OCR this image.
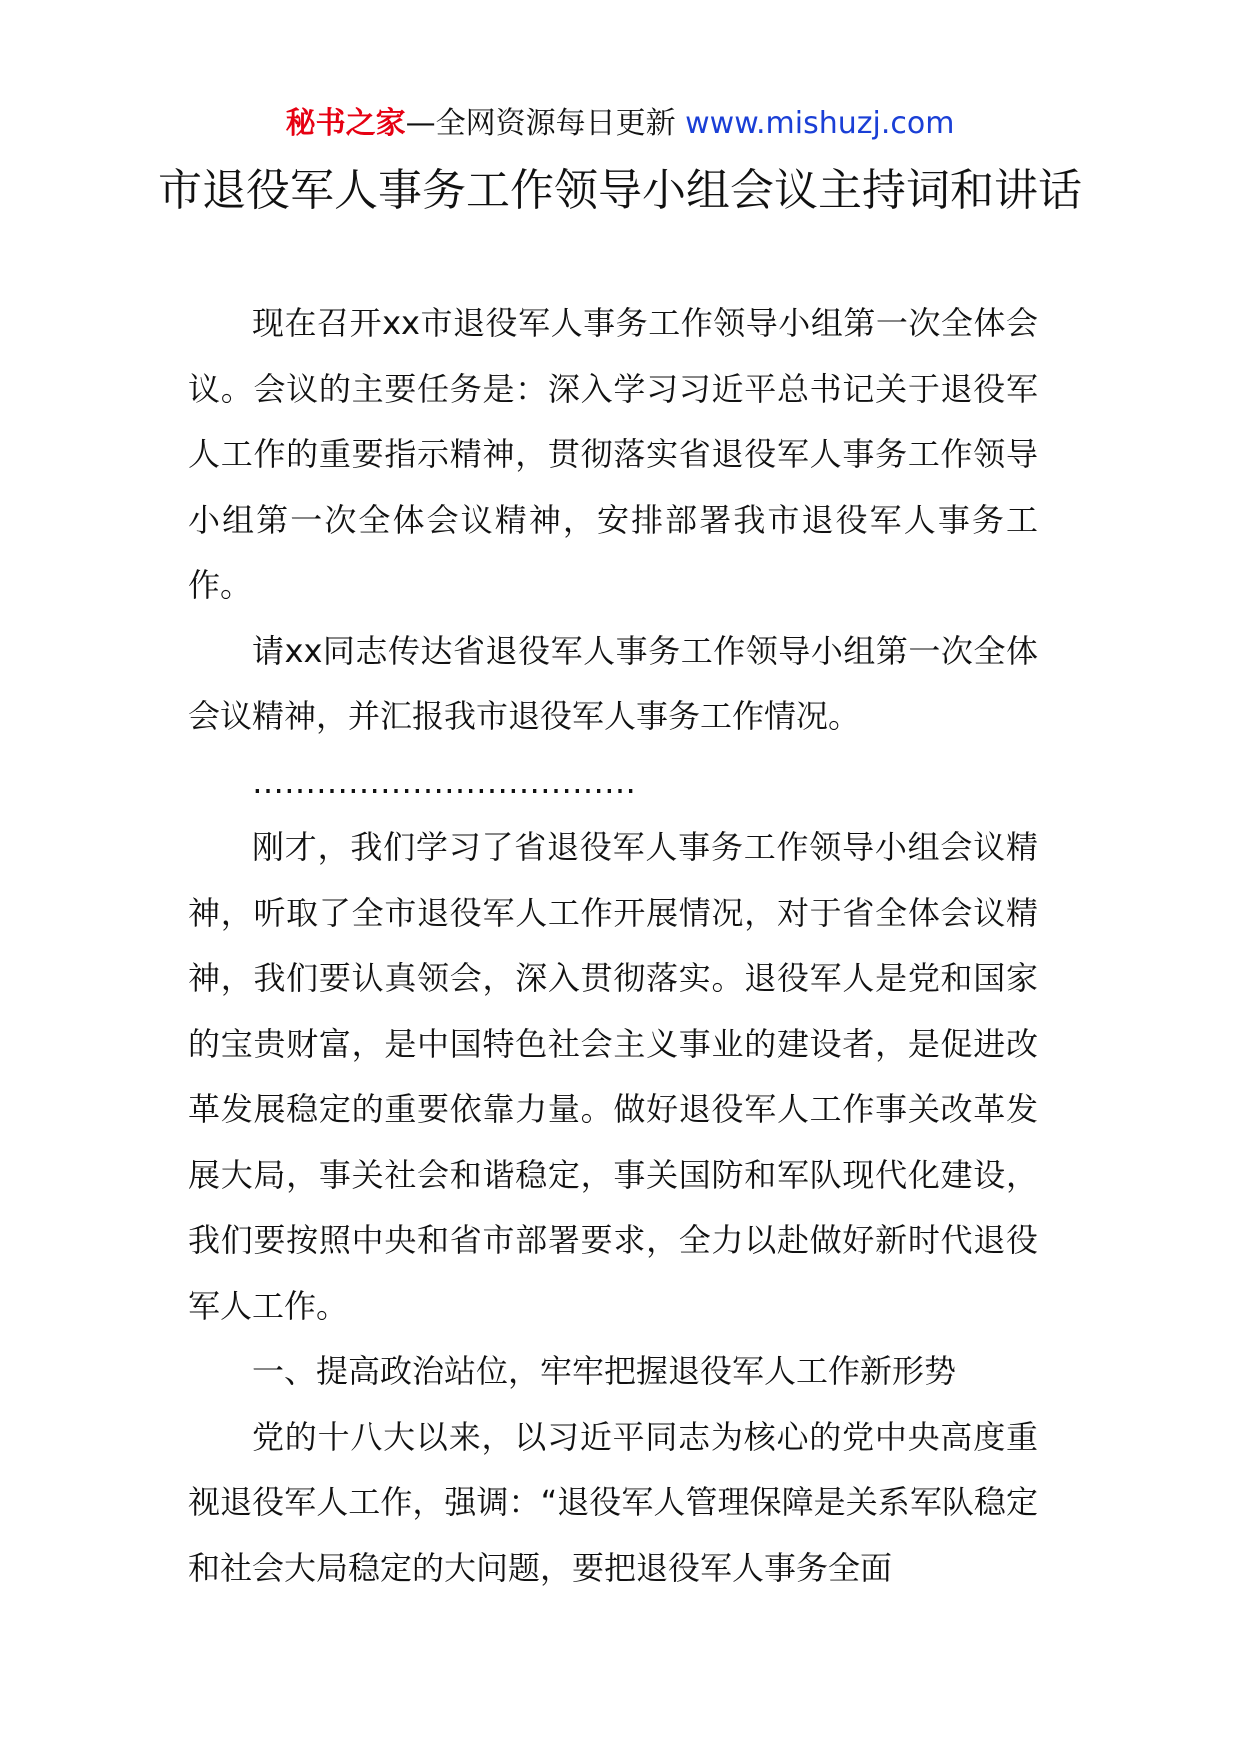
秘书之家—全网资源每日更新 www.mishuzj.com
市退役军人事务工作领导小组会议主持词和讲话

现在召开xx市退役军人事务工作领导小组第一次全体会议。会议的主要任务是：深入学习习近平总书记关于退役军人工作的重要指示精神，贯彻落实省退役军人事务工作领导小组第一次全体会议精神，安排部署我市退役军人事务工作。

请xx同志传达省退役军人事务工作领导小组第一次全体会议精神，并汇报我市退役军人事务工作情况。

………………………………

刚才，我们学习了省退役军人事务工作领导小组会议精神，听取了全市退役军人工作开展情况，对于省全体会议精神，我们要认真领会，深入贯彻落实。退役军人是党和国家的宝贵财富，是中国特色社会主义事业的建设者，是促进改革发展稳定的重要依靠力量。做好退役军人工作事关改革发展大局，事关社会和谐稳定，事关国防和军队现代化建设，我们要按照中央和省市部署要求，全力以赴做好新时代退役军人工作。

一、提高政治站位，牢牢把握退役军人工作新形势

党的十八大以来，以习近平同志为核心的党中央高度重视退役军人工作，强调：“退役军人管理保障是关系军队稳定和社会大局稳定的大问题，要把退役军人事务全面
